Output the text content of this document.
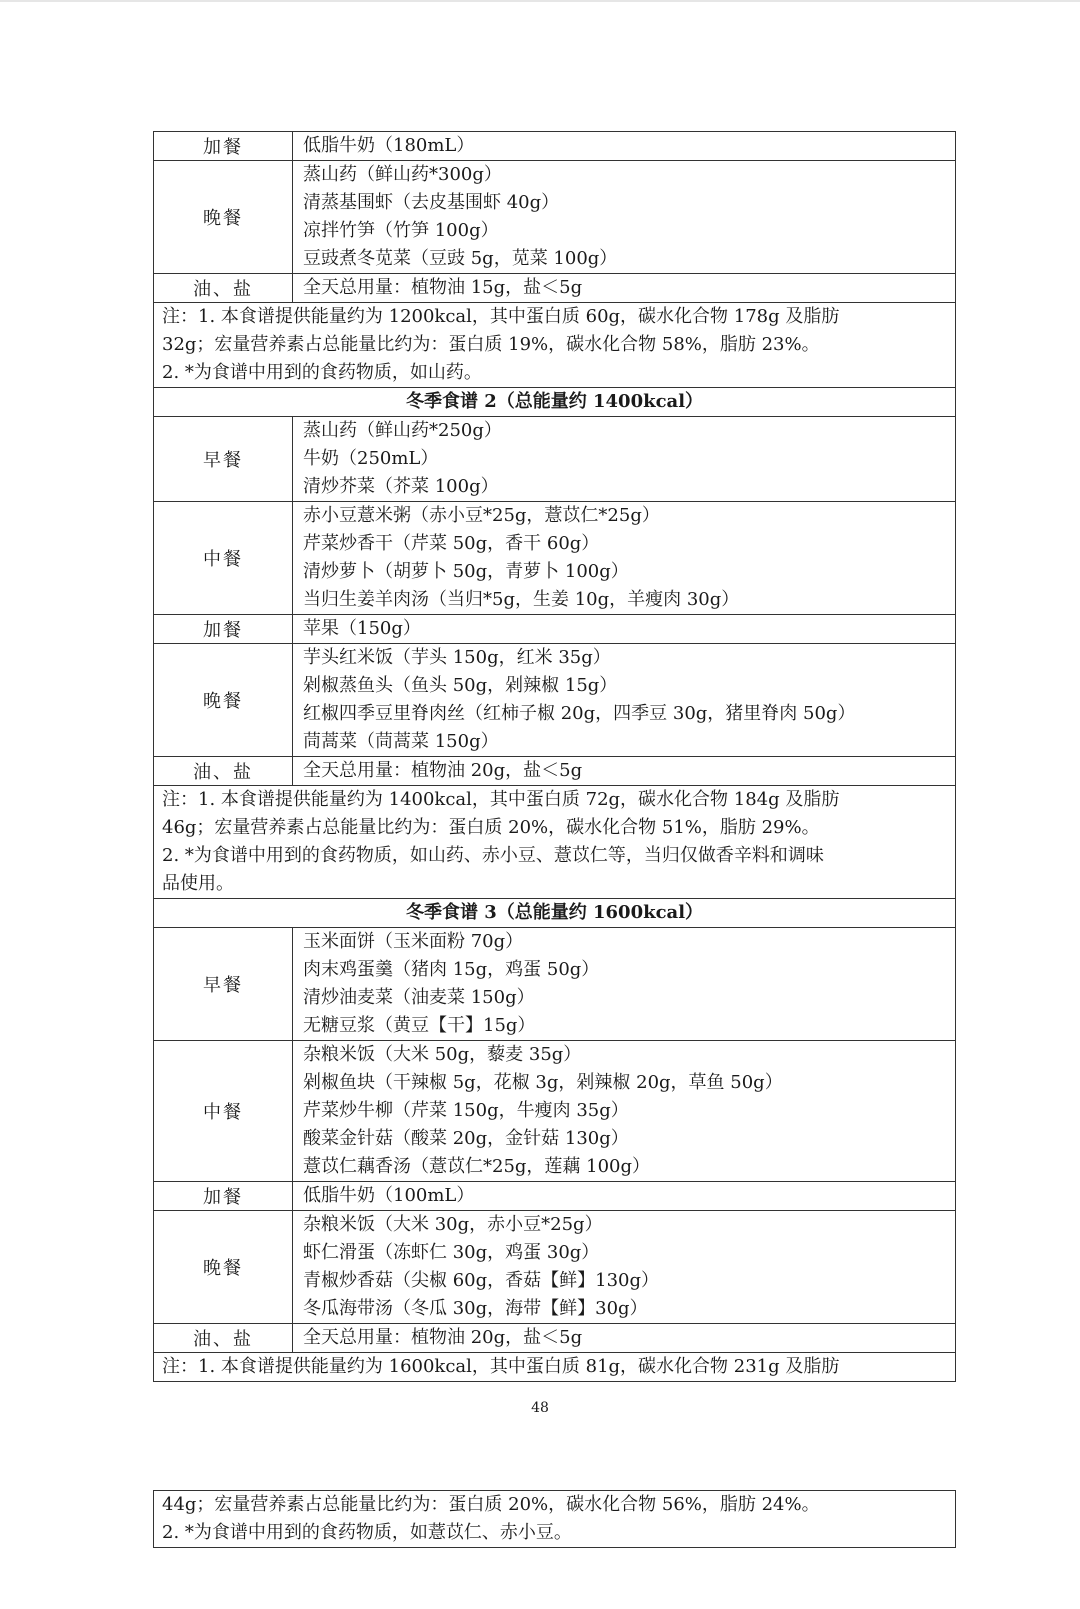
加餐	低脂牛奶（180mL）

晚餐	蒸山药（鲜山药*300g）
清蒸基围虾（去皮基围虾 40g）
凉拌竹笋（竹笋 100g）
豆豉煮冬苋菜（豆豉 5g，苋菜 100g）

油、盐	全天总用量：植物油 15g，盐＜5g

注：1. 本食谱提供能量约为 1200kcal，其中蛋白质 60g，碳水化合物 178g 及脂肪
32g；宏量营养素占总能量比约为：蛋白质 19%，碳水化合物 58%，脂肪 23%。
2. *为食谱中用到的食药物质，如山药。	

冬季食谱 2（总能量约 1400kcal）	
早餐	蒸山药（鲜山药*250g）
牛奶（250mL）
清炒芥菜（芥菜 100g）

中餐	赤小豆薏米粥（赤小豆*25g，薏苡仁*25g）
芹菜炒香干（芹菜 50g，香干 60g）
清炒萝卜（胡萝卜 50g，青萝卜 100g）
当归生姜羊肉汤（当归*5g，生姜 10g，羊瘦肉 30g）

加餐	苹果（150g）

晚餐	芋头红米饭（芋头 150g，红米 35g）
剁椒蒸鱼头（鱼头 50g，剁辣椒 15g）
红椒四季豆里脊肉丝（红柿子椒 20g，四季豆 30g，猪里脊肉 50g）
茼蒿菜（茼蒿菜 150g）

油、盐	全天总用量：植物油 20g，盐＜5g

注：1. 本食谱提供能量约为 1400kcal，其中蛋白质 72g，碳水化合物 184g 及脂肪
46g；宏量营养素占总能量比约为：蛋白质 20%，碳水化合物 51%，脂肪 29%。
2. *为食谱中用到的食药物质，如山药、赤小豆、薏苡仁等，当归仅做香辛料和调味
品使用。	

冬季食谱 3（总能量约 1600kcal）	
早餐	玉米面饼（玉米面粉 70g）
肉末鸡蛋羹（猪肉 15g，鸡蛋 50g）
清炒油麦菜（油麦菜 150g）
无糖豆浆（黄豆【干】15g）

中餐	杂粮米饭（大米 50g，藜麦 35g）
剁椒鱼块（干辣椒 5g，花椒 3g，剁辣椒 20g，草鱼 50g）
芹菜炒牛柳（芹菜 150g，牛瘦肉 35g）
酸菜金针菇（酸菜 20g，金针菇 130g）
薏苡仁藕香汤（薏苡仁*25g，莲藕 100g）

加餐	低脂牛奶（100mL）

晚餐	杂粮米饭（大米 30g，赤小豆*25g）
虾仁滑蛋（冻虾仁 30g，鸡蛋 30g）
青椒炒香菇（尖椒 60g，香菇【鲜】130g）
冬瓜海带汤（冬瓜 30g，海带【鲜】30g）

油、盐	全天总用量：植物油 20g，盐＜5g

注：1. 本食谱提供能量约为 1600kcal，其中蛋白质 81g，碳水化合物 231g 及脂肪	
48
44g；宏量营养素占总能量比约为：蛋白质 20%，碳水化合物 56%，脂肪 24%。
2. *为食谱中用到的食药物质，如薏苡仁、赤小豆。
